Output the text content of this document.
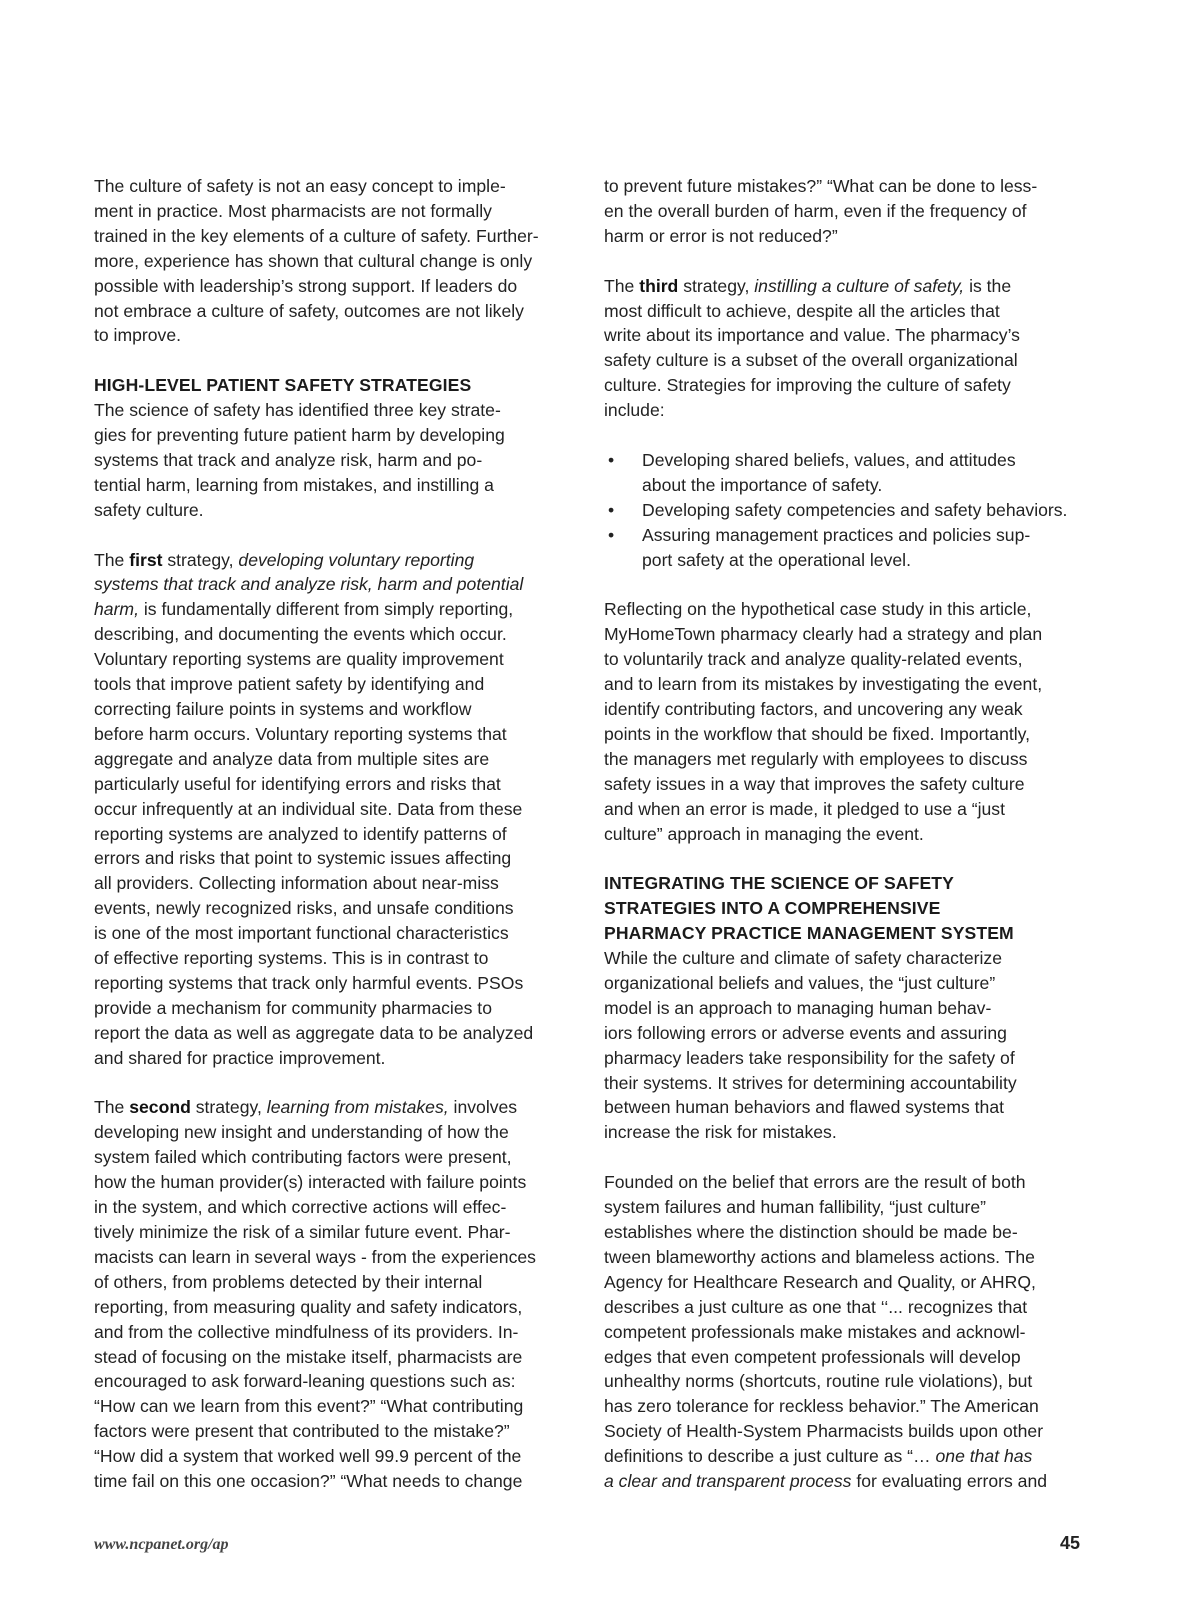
The culture of safety is not an easy concept to imple-
ment in practice. Most pharmacists are not formally
trained in the key elements of a culture of safety. Further-
more, experience has shown that cultural change is only
possible with leadership’s strong support. If leaders do
not embrace a culture of safety, outcomes are not likely
to improve.
HIGH-LEVEL PATIENT SAFETY STRATEGIES
The science of safety has identified three key strate-
gies for preventing future patient harm by developing
systems that track and analyze risk, harm and po-
tential harm, learning from mistakes, and instilling a
safety culture.
The first strategy, developing voluntary reporting
systems that track and analyze risk, harm and potential
harm, is fundamentally different from simply reporting,
describing, and documenting the events which occur.
Voluntary reporting systems are quality improvement
tools that improve patient safety by identifying and
correcting failure points in systems and workflow
before harm occurs. Voluntary reporting systems that
aggregate and analyze data from multiple sites are
particularly useful for identifying errors and risks that
occur infrequently at an individual site. Data from these
reporting systems are analyzed to identify patterns of
errors and risks that point to systemic issues affecting
all providers. Collecting information about near-miss
events, newly recognized risks, and unsafe conditions
is one of the most important functional characteristics
of effective reporting systems. This is in contrast to
reporting systems that track only harmful events. PSOs
provide a mechanism for community pharmacies to
report the data as well as aggregate data to be analyzed
and shared for practice improvement.
The second strategy, learning from mistakes, involves
developing new insight and understanding of how the
system failed which contributing factors were present,
how the human provider(s) interacted with failure points
in the system, and which corrective actions will effec-
tively minimize the risk of a similar future event. Phar-
macists can learn in several ways - from the experiences
of others, from problems detected by their internal
reporting, from measuring quality and safety indicators,
and from the collective mindfulness of its providers. In-
stead of focusing on the mistake itself, pharmacists are
encouraged to ask forward-leaning questions such as:
“How can we learn from this event?” “What contributing
factors were present that contributed to the mistake?”
“How did a system that worked well 99.9 percent of the
time fail on this one occasion?” “What needs to change
to prevent future mistakes?” “What can be done to less-
en the overall burden of harm, even if the frequency of
harm or error is not reduced?”
The third strategy, instilling a culture of safety, is the
most difficult to achieve, despite all the articles that
write about its importance and value. The pharmacy’s
safety culture is a subset of the overall organizational
culture. Strategies for improving the culture of safety
include:
• Developing shared beliefs, values, and attitudes
about the importance of safety.
• Developing safety competencies and safety behaviors.
• Assuring management practices and policies sup-
port safety at the operational level.
Reflecting on the hypothetical case study in this article,
MyHomeTown pharmacy clearly had a strategy and plan
to voluntarily track and analyze quality-related events,
and to learn from its mistakes by investigating the event,
identify contributing factors, and uncovering any weak
points in the workflow that should be fixed. Importantly,
the managers met regularly with employees to discuss
safety issues in a way that improves the safety culture
and when an error is made, it pledged to use a “just
culture” approach in managing the event.
INTEGRATING THE SCIENCE OF SAFETY
STRATEGIES INTO A COMPREHENSIVE
PHARMACY PRACTICE MANAGEMENT SYSTEM
While the culture and climate of safety characterize
organizational beliefs and values, the “just culture”
model is an approach to managing human behav-
iors following errors or adverse events and assuring
pharmacy leaders take responsibility for the safety of
their systems. It strives for determining accountability
between human behaviors and flawed systems that
increase the risk for mistakes.
Founded on the belief that errors are the result of both
system failures and human fallibility, “just culture”
establishes where the distinction should be made be-
tween blameworthy actions and blameless actions. The
Agency for Healthcare Research and Quality, or AHRQ,
describes a just culture as one that ‘‘... recognizes that
competent professionals make mistakes and acknowl-
edges that even competent professionals will develop
unhealthy norms (shortcuts, routine rule violations), but
has zero tolerance for reckless behavior.” The American
Society of Health-System Pharmacists builds upon other
definitions to describe a just culture as “… one that has
a clear and transparent process for evaluating errors and
www.ncpanet.org/ap	45
